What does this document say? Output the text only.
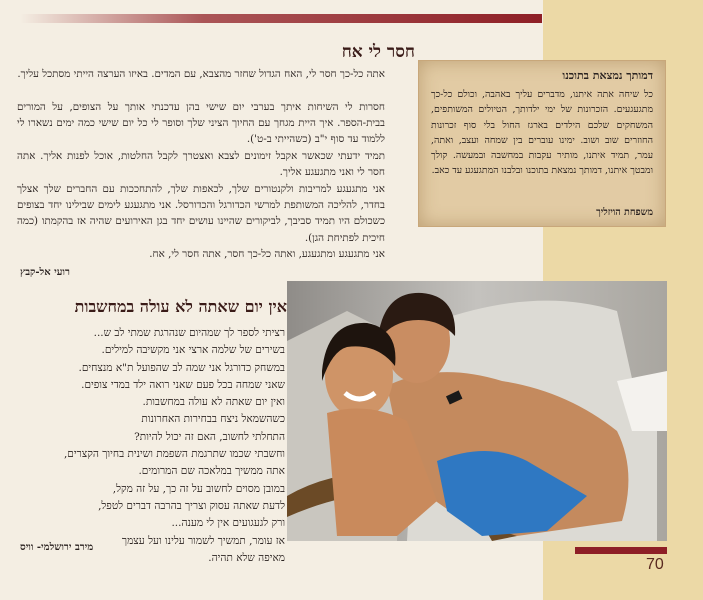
חסר לי אח
אתה כל-כך חסר לי, האח הגדול שחזר מהצבא, עם המדים. באיזו הערצה הייתי מסתכל עליך.
חסרות לי השיחות איתך בערבי יום שישי בהן עדכנתי אותך על הצופים, על המורים בבית-הספר. איך היית מגחך עם החיוך הציני שלך וסופר לי כל יום שישי כמה ימים נשארו לי ללמוד עד סוף י"ב (כשהייתי ב-ט').
תמיד ידעתי שכאשר אקבל זימונים לצבא ואצטרך לקבל החלטות, אוכל לפנות אליך. אתה חסר לי ואני מתגעגע אליך.
אני מתגעגע למריבות ולקנטורים שלך, לכאפות שלך, להתחככות עם החברים שלך אצלך בחדר, להליכה המשותפת למרשי הכדורגל והכדורסל. אני מתגעגע לימים שבילינו יחד בצופים כשכולם היו תמיד סביבך, לביקורים שהיינו עושים יחד בגן האירועים שהיה אז בהקמתו (כמה חיכית לפתיחת הגן).
אני מתגעגע ומתגעגע, ואתה כל-כך חסר, אתה חסר לי, אח.
רועי אל-קבץ
דמותך נמצאת בתוכנו
כל שיחה אתה איתנו, מדברים עליך באהבה, וכולם כל-כך מתגעגעים. הזכרונות של ימי ילדותך, הטיולים המשותפים, המשחקים שלכם הילדים בארגז החול בלי סוף זכרונות החוזרים שוב ושוב. ימינו עוברים בין שמחה ועצב, ואתה, עמר, תמיד איתנו, מותיר עקבות במחשבה ובמעשה. קולך ומבטך איתנו, דמותך נמצאת בתוכנו ובלבנו המתגעגע עד כאב.
משפחת הויזליך
אין יום שאתה לא עולה במחשבות
רציתי לספר לך שמהיום שנהרגת שמתי לב ש...
בשירים של שלמה ארצי אני מקשיבה למילים.
במשחק כדורגל אני שמה לב שהפועל ת"א מנצחים.
שאני שמחה בכל פעם שאני רואה ילד במדי צופים.
ואין יום שאתה לא עולה במחשבות.
כשהשמאל ניצח בבחירות האחרונות
התחלתי לחשוב, האם זה יכול להיות?
וחשבתי שכמו שתרגמת השפמת ושינית בחיוך הקצרים,
אתה ממשיך במלאכה שם המרומים.
במובן מסוים לחשוב על זה כך, על זה מקל,
לדעת שאתה עסוק וצריך בהרבה דברים לטפל,
ורק לגעגועים אין לי מענה...
אז עומר, תמשיך לשמור עלינו ועל עצמך
מאיפה שלא תהיה.
מירב ירושלמי- וויס
70
